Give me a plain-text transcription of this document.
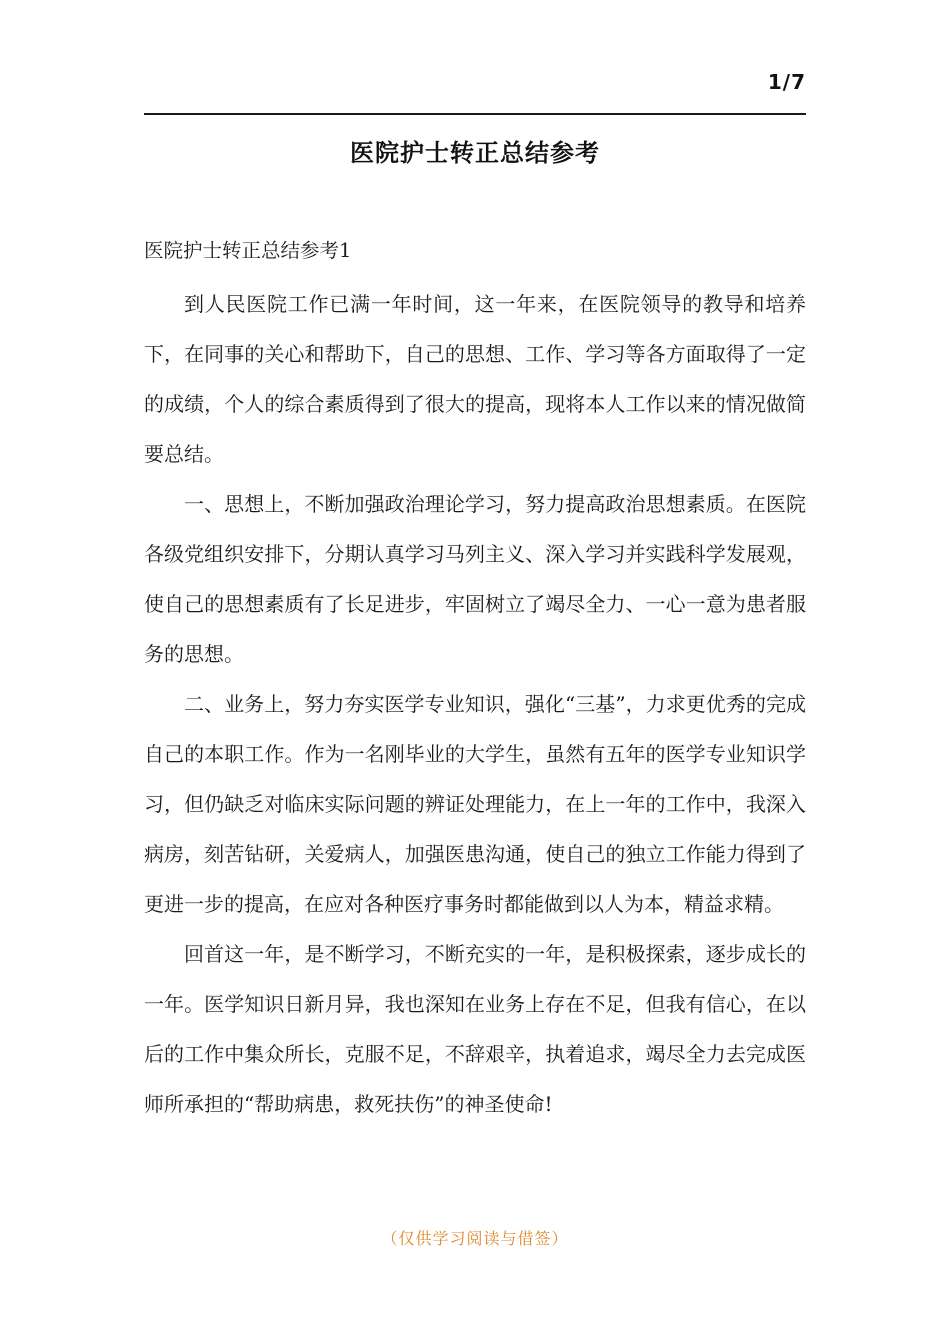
1/7
医院护士转正总结参考
医院护士转正总结参考1

到人民医院工作已满一年时间，这一年来，在医院领导的教导和培养下，在同事的关心和帮助下，自己的思想、工作、学习等各方面取得了一定的成绩，个人的综合素质得到了很大的提高，现将本人工作以来的情况做简要总结。

一、思想上，不断加强政治理论学习，努力提高政治思想素质。在医院各级党组织安排下，分期认真学习马列主义、深入学习并实践科学发展观，使自己的思想素质有了长足进步，牢固树立了竭尽全力、一心一意为患者服务的思想。

二、业务上，努力夯实医学专业知识，强化“三基”，力求更优秀的完成自己的本职工作。作为一名刚毕业的大学生，虽然有五年的医学专业知识学习，但仍缺乏对临床实际问题的辨证处理能力，在上一年的工作中，我深入病房，刻苦钻研，关爱病人，加强医患沟通，使自己的独立工作能力得到了更进一步的提高，在应对各种医疗事务时都能做到以人为本，精益求精。

回首这一年，是不断学习，不断充实的一年，是积极探索，逐步成长的一年。医学知识日新月异，我也深知在业务上存在不足，但我有信心，在以后的工作中集众所长，克服不足，不辞艰辛，执着追求，竭尽全力去完成医师所承担的“帮助病患，救死扶伤”的神圣使命!

（仅供学习阅读与借签）
